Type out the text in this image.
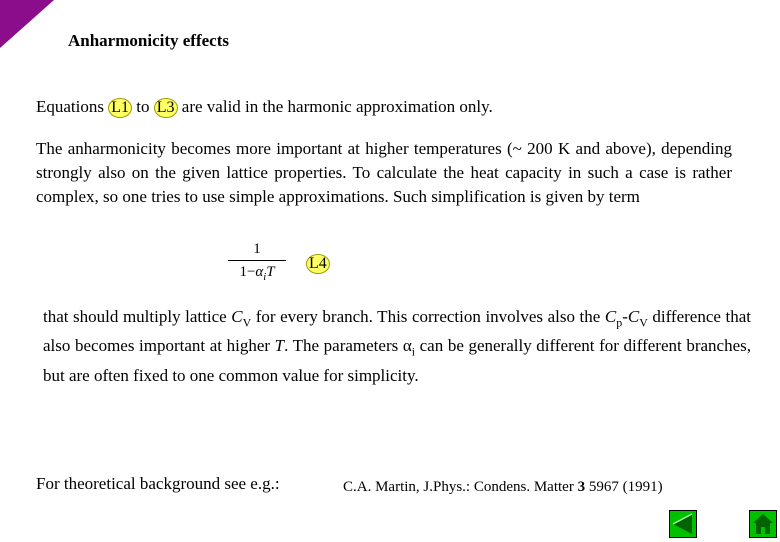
Anharmonicity effects
Equations L1 to L3 are valid in the harmonic approximation only.
The anharmonicity becomes more important at higher temperatures (~ 200 K and above), depending strongly also on the given lattice properties. To calculate the heat capacity in such a case is rather complex, so one tries to use simple approximations. Such simplification is given by term
1
$1-\alpha_iT$	L4
that should multiply lattice $C_V$ for every branch. This correction involves also the $C_p-C_V$ difference that also becomes important at higher T. The parameters $\alpha_i$ can be generally different for different branches, but are often fixed to one common value for simplicity.
For theoretical background see e.g.:	C.A. Martin, J.Phys.: Condens. Matter 3 5967 (1991)
